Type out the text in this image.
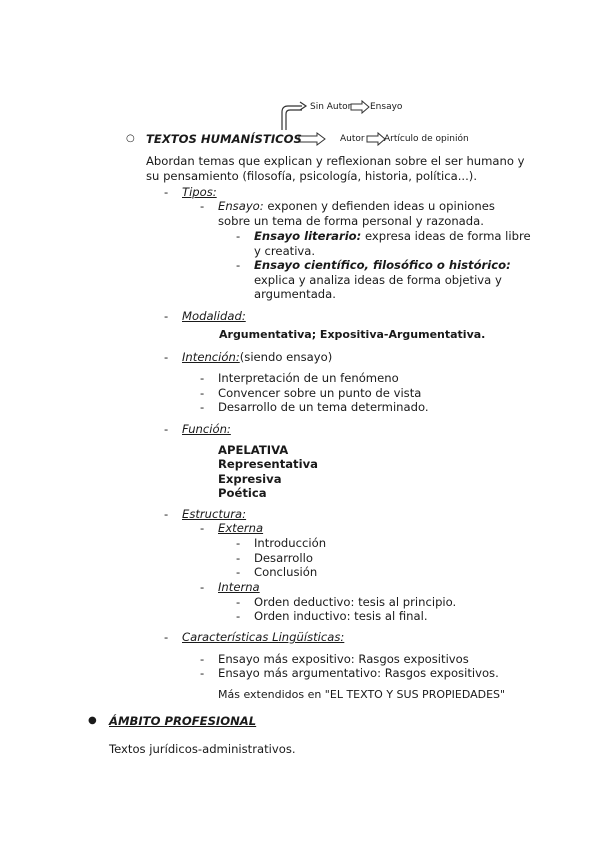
Sin Autor Ensayo
Autor Artículo de opinión
○ TEXTOS HUMANÍSTICOS
Abordan temas que explican y reflexionan sobre el ser humano y su pensamiento (filosofía, psicología, historia, política...).
- Tipos:
- Ensayo: exponen y defienden ideas u opiniones sobre un tema de forma personal y razonada.
- Ensayo literario: expresa ideas de forma libre y creativa.
- Ensayo científico, filosófico o histórico: explica y analiza ideas de forma objetiva y argumentada.
- Modalidad:
Argumentativa; Expositiva-Argumentativa.
- Intención:(siendo ensayo)
- Interpretación de un fenómeno
- Convencer sobre un punto de vista
- Desarrollo de un tema determinado.
- Función:
APELATIVA
Representativa
Expresiva
Poética
- Estructura:
- Externa
- Introducción
- Desarrollo
- Conclusión
- Interna
- Orden deductivo: tesis al principio.
- Orden inductivo: tesis al final.
- Características Lingüísticas:
- Ensayo más expositivo: Rasgos expositivos
- Ensayo más argumentativo: Rasgos expositivos.
Más extendidos en "EL TEXTO Y SUS PROPIEDADES"
● ÁMBITO PROFESIONAL
Textos jurídicos-administrativos.
